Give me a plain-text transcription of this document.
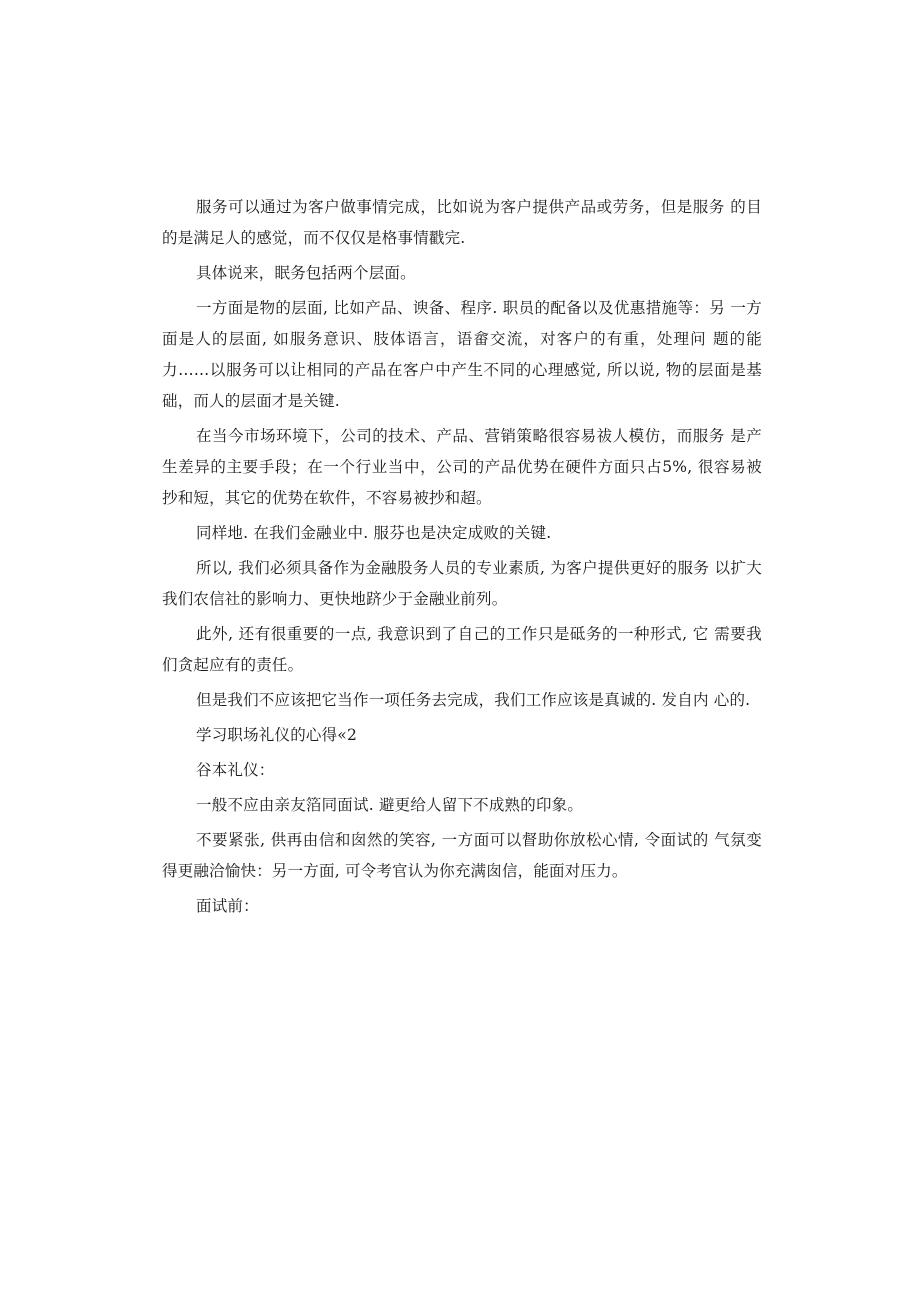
服务可以通过为客户做事情完成，比如说为客户提供产品或劳务，但是服务 的目的是满足人的感觉，而不仅仅是格事情戳完.

具体说来，眠务包括两个层面。

一方面是物的层面, 比如产品、谀备、程序. 职员的配备以及优惠措施等：另 一方面是人的层面, 如服务意识、肢体语言，语畲交流，对客户的有重，处理问 题的能力……以服务可以让相同的产品在客户中产生不同的心理感觉, 所以说, 物的层面是基础，而人的层面才是关键.

在当今市场环境下，公司的技术、产品、营销策略很容易祓人模仿，而服务 是产生差异的主要手段；在一个行业当中，公司的产品优势在硬件方面只占5%, 很容易被抄和短，其它的优势在软件，不容易被抄和超。

同样地. 在我们金融业中. 服芬也是决定成败的关键.

所以, 我们必须具备作为金融股务人员的专业素质, 为客户提供更好的服务 以扩大我们农信社的影响力、更快地跻少于金融业前列。

此外, 还有很重要的一点, 我意识到了自己的工作只是砥务的一种形式, 它 需要我们贪起应有的责任。

但是我们不应该把它当作一项任务去完成，我们工作应该是真诚的. 发自内 心的.

学习职场礼仪的心得«2

谷本礼仪：

一般不应由亲友箔同面试. 避更给人留下不成熟的印象。

不要紧张, 供再由信和囱然的笑容, 一方面可以督助你放松心情, 令面试的 气氛变得更融洽愉快：另一方面, 可令考官认为你充满囱信，能面对压力。

面试前：
